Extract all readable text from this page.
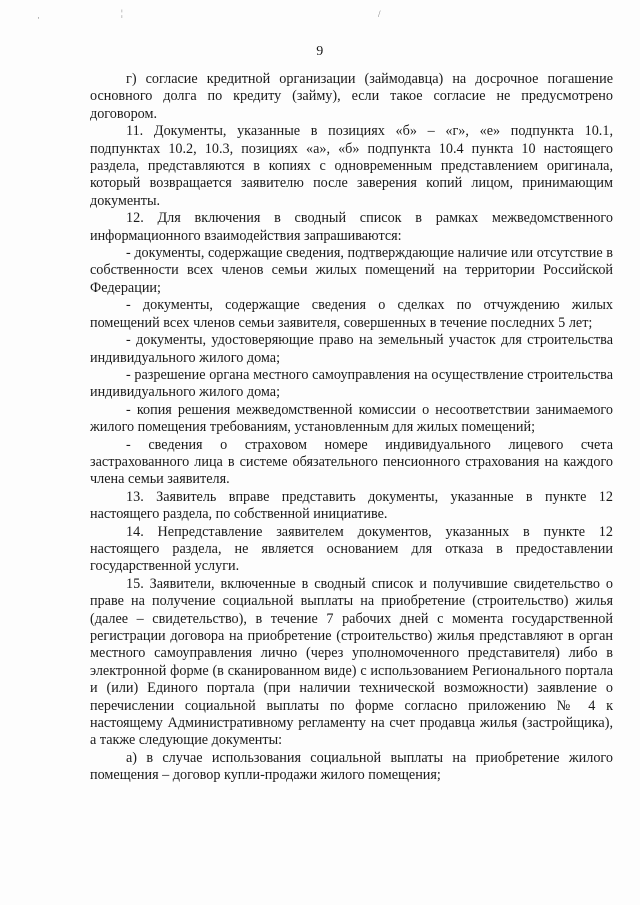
·	¦	/
9

г) согласие кредитной организации (займодавца) на досрочное погашение основного долга по кредиту (займу), если такое согласие не предусмотрено договором.

11. Документы, указанные в позициях «б» – «г», «е» подпункта 10.1, подпунктах 10.2, 10.3, позициях «а», «б» подпункта 10.4 пункта 10 настоящего раздела, представляются в копиях с одновременным представлением оригинала, который возвращается заявителю после заверения копий лицом, принимающим документы.

12. Для включения в сводный список в рамках межведомственного информационного взаимодействия запрашиваются:

- документы, содержащие сведения, подтверждающие наличие или отсутствие в собственности всех членов семьи жилых помещений на территории Российской Федерации;

- документы, содержащие сведения о сделках по отчуждению жилых помещений всех членов семьи заявителя, совершенных в течение последних 5 лет;

- документы, удостоверяющие право на земельный участок для строительства индивидуального жилого дома;

- разрешение органа местного самоуправления на осуществление строительства индивидуального жилого дома;

- копия решения межведомственной комиссии о несоответствии занимаемого жилого помещения требованиям, установленным для жилых помещений;

- сведения о страховом номере индивидуального лицевого счета застрахованного лица в системе обязательного пенсионного страхования на каждого члена семьи заявителя.

13. Заявитель вправе представить документы, указанные в пункте 12 настоящего раздела, по собственной инициативе.

14. Непредставление заявителем документов, указанных в пункте 12 настоящего раздела, не является основанием для отказа в предоставлении государственной услуги.

15. Заявители, включенные в сводный список и получившие свидетельство о праве на получение социальной выплаты на приобретение (строительство) жилья (далее – свидетельство), в течение 7 рабочих дней с момента государственной регистрации договора на приобретение (строительство) жилья представляют в орган местного самоуправления лично (через уполномоченного представителя) либо в электронной форме (в сканированном виде) с использованием Регионального портала и (или) Единого портала (при наличии технической возможности) заявление о перечислении социальной выплаты по форме согласно приложению № 4 к настоящему Административному регламенту на счет продавца жилья (застройщика), а также следующие документы:

а) в случае использования социальной выплаты на приобретение жилого помещения – договор купли-продажи жилого помещения;
